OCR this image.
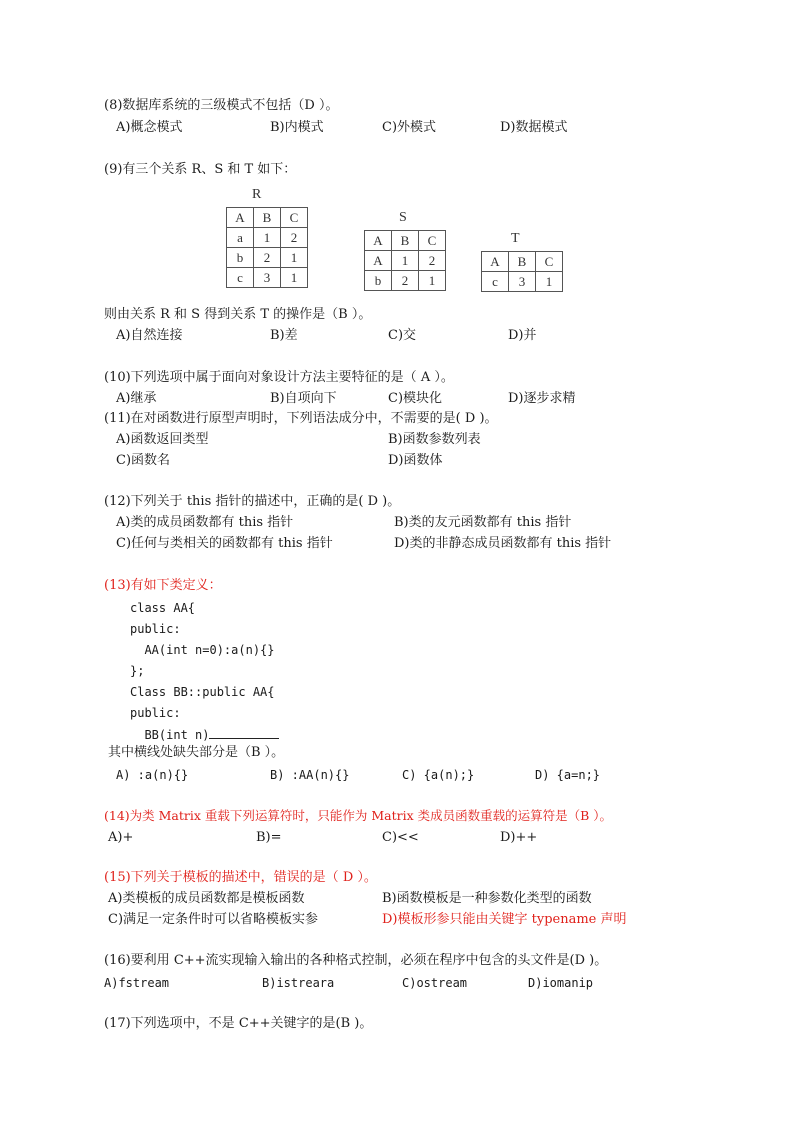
(8)数据库系统的三级模式不包括（D ）。
A)概念模式	B)内模式	C)外模式	D)数据模式
(9)有三个关系 R、S 和 T 如下：
R
A	B	C
a	1	2
b	2	1
c	3	1
S
A	B	C
A	1	2
b	2	1
T
A	B	C
c	3	1
则由关系 R 和 S 得到关系 T 的操作是（B ）。
A)自然连接	B)差	C)交	D)并
(10)下列选项中属于面向对象设计方法主要特征的是（ A ）。
A)继承	B)自项向下	C)模块化	D)逐步求精
(11)在对函数进行原型声明时，下列语法成分中，不需要的是( D )。
A)函数返回类型	B)函数参数列表
C)函数名	D)函数体
(12)下列关于 this 指针的描述中，正确的是( D )。
A)类的成员函数都有 this 指针	B)类的友元函数都有 this 指针
C)任何与类相关的函数都有 this 指针	D)类的非静态成员函数都有 this 指针
(13)有如下类定义：
class AA{
public:
AA(int n=0):a(n){}
};
Class BB::public AA{
public:
BB(int n)
其中横线处缺失部分是（B ）。
A) :a(n){}	B) :AA(n){}	C) {a(n);}	D) {a=n;}
(14)为类 Matrix 重载下列运算符时，只能作为 Matrix 类成员函数重载的运算符是（B ）。
A)+	B)=	C)<<	D)++
(15)下列关于模板的描述中，错误的是（ D ）。
A)类模板的成员函数都是模板函数	B)函数模板是一种参数化类型的函数
C)满足一定条件时可以省略模板实参	D)模板形参只能由关键字 typename 声明
(16)要利用 C++流实现输入输出的各种格式控制，必须在程序中包含的头文件是(D )。
A)fstream	B)istreara	C)ostream	D)iomanip
(17)下列选项中，不是 C++关键字的是(B )。
